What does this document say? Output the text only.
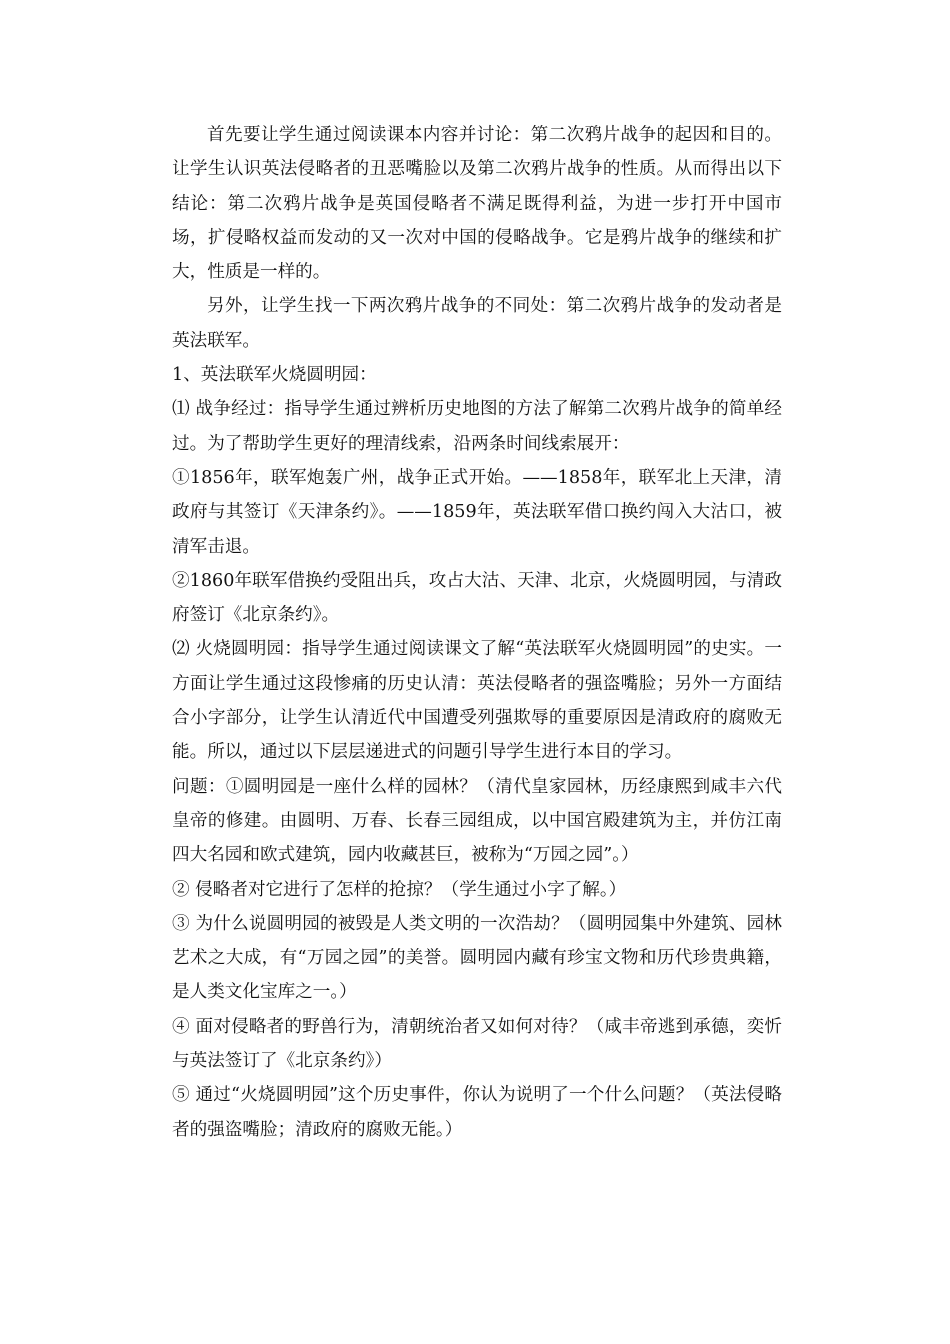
首先要让学生通过阅读课本内容并讨论：第二次鸦片战争的起因和目的。让学生认识英法侵略者的丑恶嘴脸以及第二次鸦片战争的性质。从而得出以下结论：第二次鸦片战争是英国侵略者不满足既得利益，为进一步打开中国市场，扩侵略权益而发动的又一次对中国的侵略战争。它是鸦片战争的继续和扩大，性质是一样的。

另外，让学生找一下两次鸦片战争的不同处：第二次鸦片战争的发动者是英法联军。

1、英法联军火烧圆明园：

⑴ 战争经过：指导学生通过辨析历史地图的方法了解第二次鸦片战争的简单经过。为了帮助学生更好的理清线索，沿两条时间线索展开：

①1856年，联军炮轰广州，战争正式开始。——1858年，联军北上天津，清政府与其签订《天津条约》。——1859年，英法联军借口换约闯入大沽口，被清军击退。

②1860年联军借换约受阻出兵，攻占大沽、天津、北京，火烧圆明园，与清政府签订《北京条约》。

⑵ 火烧圆明园：指导学生通过阅读课文了解“英法联军火烧圆明园”的史实。一方面让学生通过这段惨痛的历史认清：英法侵略者的强盗嘴脸；另外一方面结合小字部分，让学生认清近代中国遭受列强欺辱的重要原因是清政府的腐败无能。所以，通过以下层层递进式的问题引导学生进行本目的学习。

问题：①圆明园是一座什么样的园林？（清代皇家园林，历经康熙到咸丰六代皇帝的修建。由圆明、万春、长春三园组成，以中国宫殿建筑为主，并仿江南四大名园和欧式建筑，园内收藏甚巨，被称为“万园之园”。）

② 侵略者对它进行了怎样的抢掠？（学生通过小字了解。）

③ 为什么说圆明园的被毁是人类文明的一次浩劫？（圆明园集中外建筑、园林艺术之大成，有“万园之园”的美誉。圆明园内藏有珍宝文物和历代珍贵典籍，是人类文化宝库之一。）

④ 面对侵略者的野兽行为，清朝统治者又如何对待？（咸丰帝逃到承德，奕忻与英法签订了《北京条约》）

⑤ 通过“火烧圆明园”这个历史事件，你认为说明了一个什么问题？（英法侵略者的强盗嘴脸；清政府的腐败无能。）
